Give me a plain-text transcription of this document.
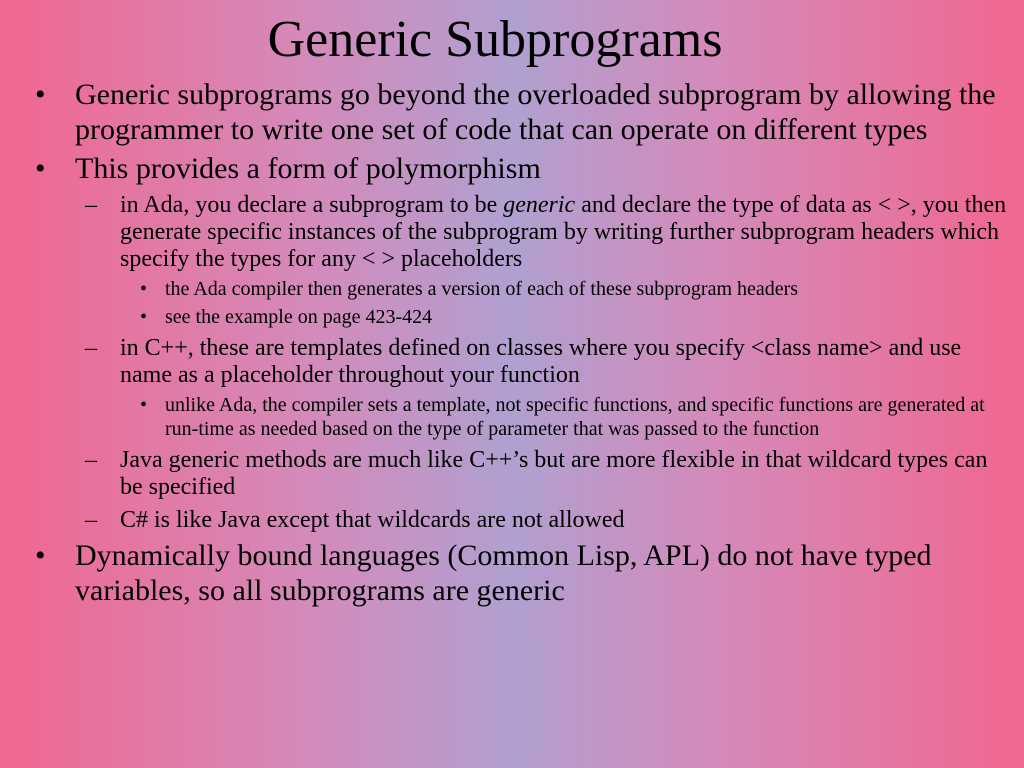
Generic Subprograms
• Generic subprograms go beyond the overloaded subprogram by allowing the programmer to write one set of code that can operate on different types
• This provides a form of polymorphism
– in Ada, you declare a subprogram to be generic and declare the type of data as < >, you then generate specific instances of the subprogram by writing further subprogram headers which specify the types for any < > placeholders
• the Ada compiler then generates a version of each of these subprogram headers
• see the example on page 423-424
– in C++, these are templates defined on classes where you specify <class name> and use name as a placeholder throughout your function
• unlike Ada, the compiler sets a template, not specific functions, and specific functions are generated at run-time as needed based on the type of parameter that was passed to the function
– Java generic methods are much like C++’s but are more flexible in that wildcard types can be specified
– C# is like Java except that wildcards are not allowed
• Dynamically bound languages (Common Lisp, APL) do not have typed variables, so all subprograms are generic
